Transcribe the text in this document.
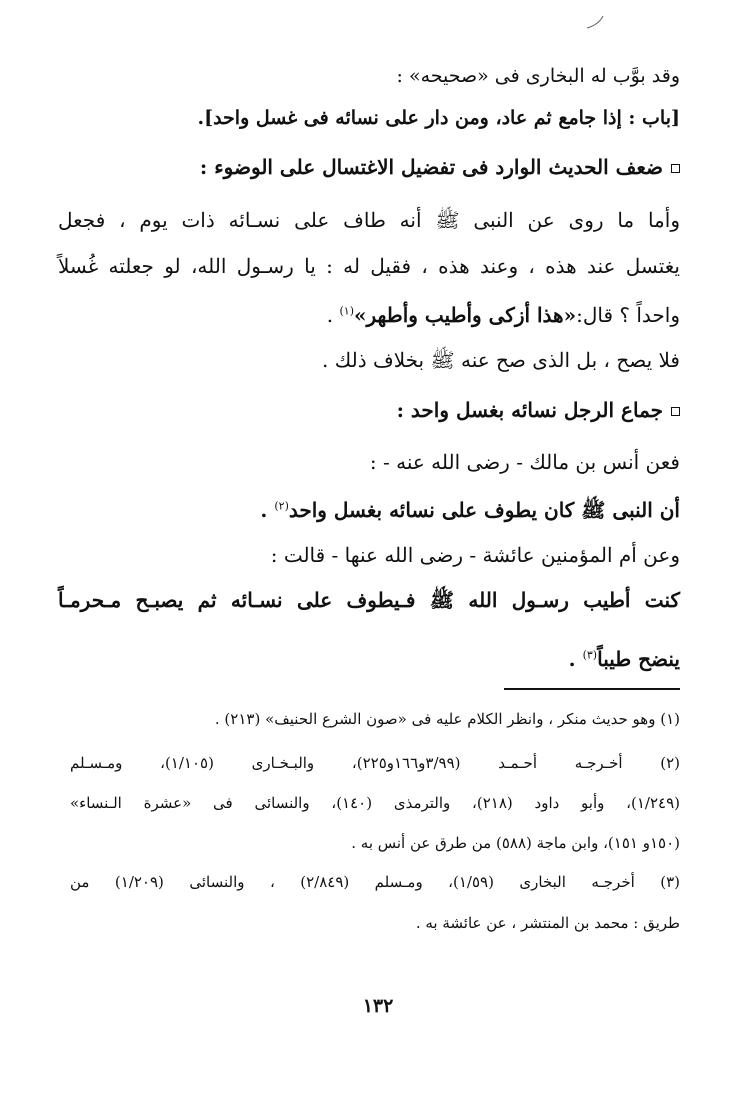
وقد بوَّب له البخارى فى «صحيحه» :

[باب : إذا جامع ثم عاد، ومن دار على نسائه فى غسل واحد].

ضعف الحديث الوارد فى تفضيل الاغتسال على الوضوء :

وأما ما روى عن النبى ﷺ أنه طاف على نسـائه ذات يوم ، فجعل

يغتسل عند هذه ، وعند هذه ، فقيل له : يا رسـول الله، لو جعلته غُسلاً

واحداً ؟ قال:«هذا أزكى وأطيب وأطهر»$^{(١)}$ .

فلا يصح ، بل الذى صح عنه ﷺ بخلاف ذلك .

جماع الرجل نسائه بغسل واحد :

فعن أنس بن مالك - رضى الله عنه - :

أن النبى ﷺ كان يطوف على نسائه بغسل واحد$^{(٢)}$ .

وعن أم المؤمنين عائشة - رضى الله عنها - قالت :

كنت أطيب رسـول الله ﷺ فـيطوف على نسـائه ثم يصبـح مـحرمـاً

ينضح طيباً$^{(٣)}$ .

(١) وهو حديث منكر ، وانظر الكلام عليه فى «صون الشرع الحنيف» (٢١٣) .

(٢) أخـرجـه أحـمـد (٣/٩٩و١٦٦و٢٢٥)، والبـخـارى (١/١٠٥)، ومـسـلم

(١/٢٤٩)، وأبو داود (٢١٨)، والترمذى (١٤٠)، والنسائى فى «عشرة الـنساء»

(١٥٠و ١٥١)، وابن ماجة (٥٨٨) من طرق عن أنس به .

(٣) أخرجـه البخارى (١/٥٩)، ومـسلم (٢/٨٤٩) ، والنسائى (١/٢٠٩) من

طريق : محمد بن المنتشر ، عن عائشة به .

١٣٢
